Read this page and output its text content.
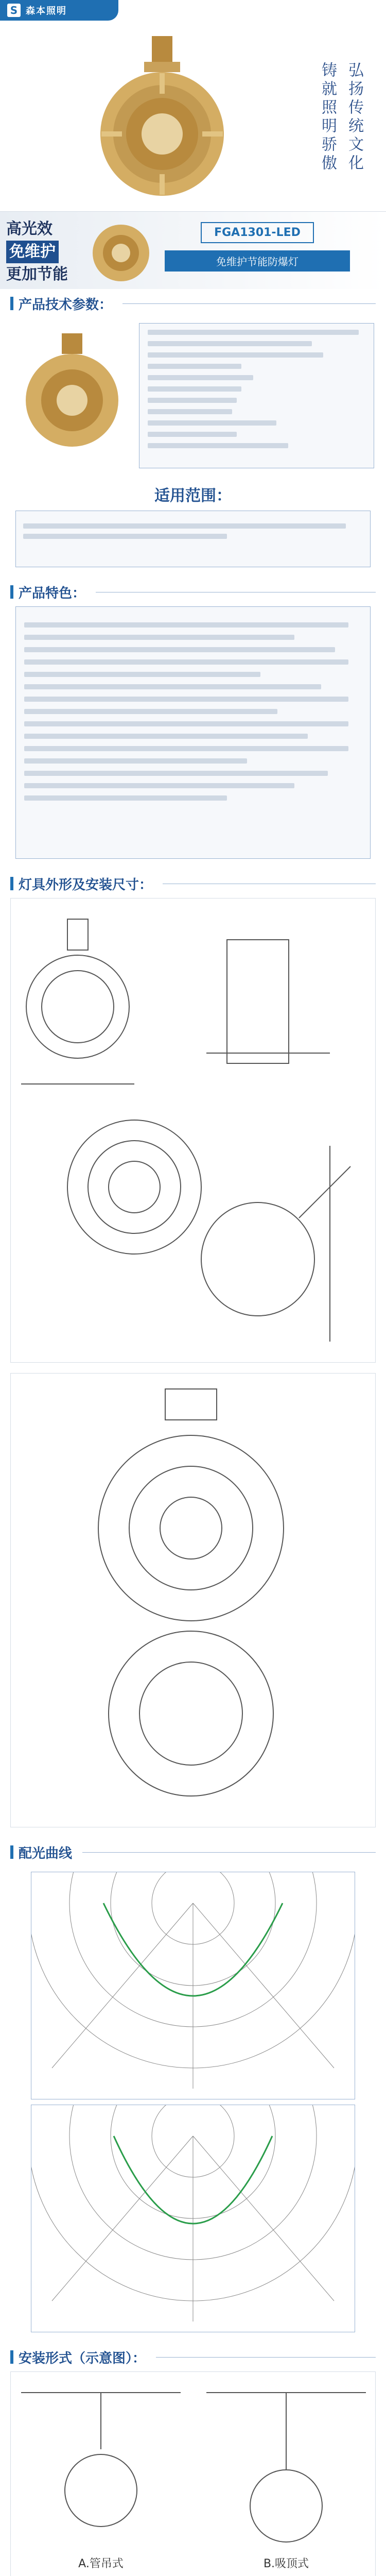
S 森本照明
弘扬传统文化
铸就照明骄傲
高光效
免维护
更加节能
FGA1301-LED
免维护节能防爆灯
产品技术参数：
适用范围：
产品特色：
灯具外形及安装尺寸：
配光曲线
安装形式（示意图）：
A.管吊式	B.吸顶式
